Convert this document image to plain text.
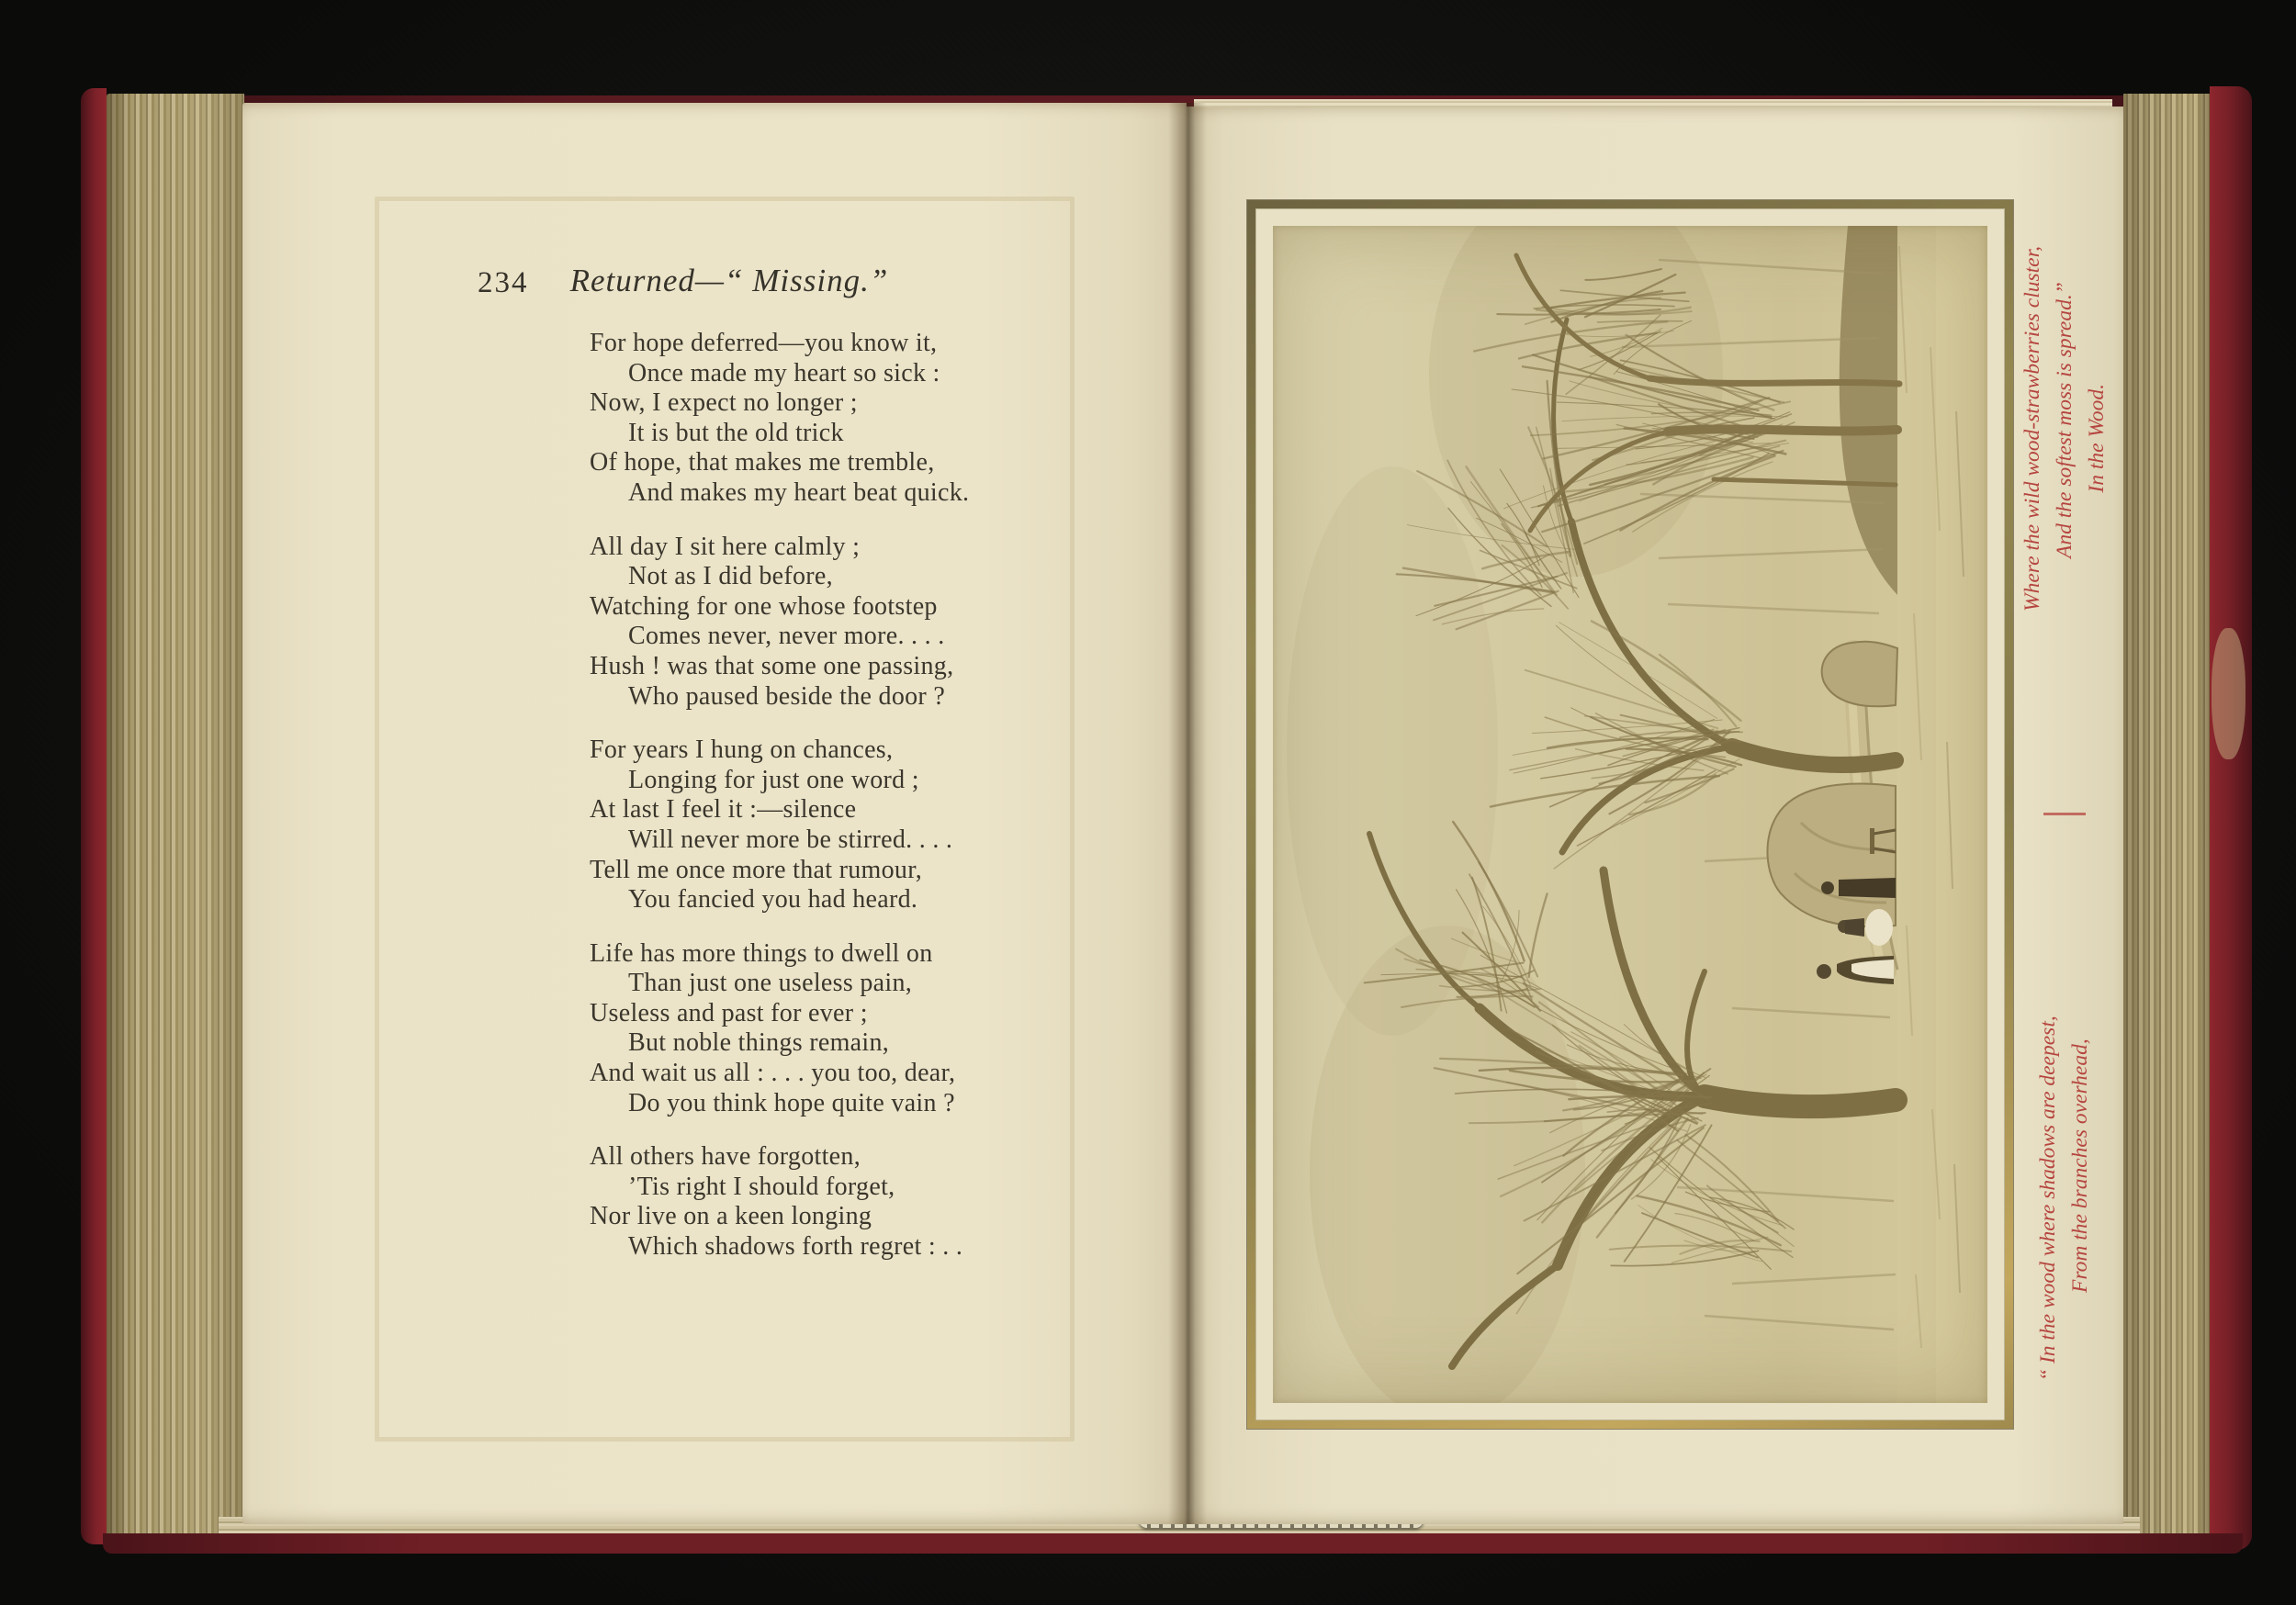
234	Returned—“ Missing.”
For hope deferred—you know it,
Once made my heart so sick :
Now, I expect no longer ;
It is but the old trick
Of hope, that makes me tremble,
And makes my heart beat quick.
All day I sit here calmly ;
Not as I did before,
Watching for one whose footstep
Comes never, never more. . . .
Hush ! was that some one passing,
Who paused beside the door ?
For years I hung on chances,
Longing for just one word ;
At last I feel it :—silence
Will never more be stirred. . . .
Tell me once more that rumour,
You fancied you had heard.
Life has more things to dwell on
Than just one useless pain,
Useless and past for ever ;
But noble things remain,
And wait us all : . . . you too, dear,
Do you think hope quite vain ?
All others have forgotten,
’Tis right I should forget,
Nor live on a keen longing
Which shadows forth regret : . .	“ In the wood where shadows are deepest, From the branches overhead,
Where the wild wood-strawberries cluster, And the softest moss is spread.” In the Wood.
